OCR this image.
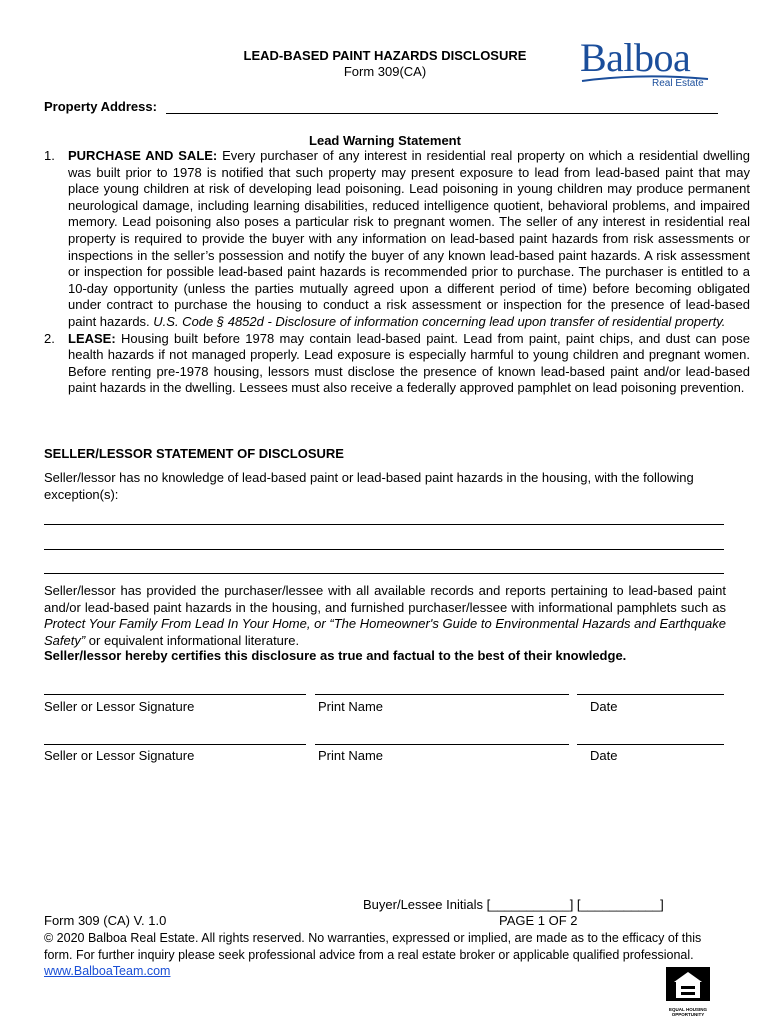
LEAD-BASED PAINT HAZARDS DISCLOSURE
Form 309(CA)	Balboa
Real Estate
Property Address:
Lead Warning Statement
1. PURCHASE AND SALE: Every purchaser of any interest in residential real property on which a residential dwelling was built prior to 1978 is notified that such property may present exposure to lead from lead-based paint that may place young children at risk of developing lead poisoning. Lead poisoning in young children may produce permanent neurological damage, including learning disabilities, reduced intelligence quotient, behavioral problems, and impaired memory. Lead poisoning also poses a particular risk to pregnant women. The seller of any interest in residential real property is required to provide the buyer with any information on lead-based paint hazards from risk assessments or inspections in the seller’s possession and notify the buyer of any known lead-based paint hazards. A risk assessment or inspection for possible lead-based paint hazards is recommended prior to purchase. The purchaser is entitled to a 10-day opportunity (unless the parties mutually agreed upon a different period of time) before becoming obligated under contract to purchase the housing to conduct a risk assessment or inspection for the presence of lead-based paint hazards. U.S. Code § 4852d - Disclosure of information concerning lead upon transfer of residential property.
2. LEASE: Housing built before 1978 may contain lead-based paint. Lead from paint, paint chips, and dust can pose health hazards if not managed properly. Lead exposure is especially harmful to young children and pregnant women. Before renting pre-1978 housing, lessors must disclose the presence of known lead-based paint and/or lead-based paint hazards in the dwelling. Lessees must also receive a federally approved pamphlet on lead poisoning prevention.
SELLER/LESSOR STATEMENT OF DISCLOSURE
Seller/lessor has no knowledge of lead-based paint or lead-based paint hazards in the housing, with the following exception(s):
Seller/lessor has provided the purchaser/lessee with all available records and reports pertaining to lead-based paint and/or lead-based paint hazards in the housing, and furnished purchaser/lessee with informational pamphlets such as Protect Your Family From Lead In Your Home, or “The Homeowner's Guide to Environmental Hazards and Earthquake Safety” or equivalent informational literature.
Seller/lessor hereby certifies this disclosure as true and factual to the best of their knowledge.
Seller or Lessor Signature	Print Name	Date
Seller or Lessor Signature	Print Name	Date
Buyer/Lessee Initials [___________] [___________]
Form 309 (CA) V. 1.0	PAGE 1 OF 2
© 2020 Balboa Real Estate. All rights reserved. No warranties, expressed or implied, are made as to the efficacy of this form. For further inquiry please seek professional advice from a real estate broker or applicable qualified professional. www.BalboaTeam.com
EQUAL HOUSING OPPORTUNITY
